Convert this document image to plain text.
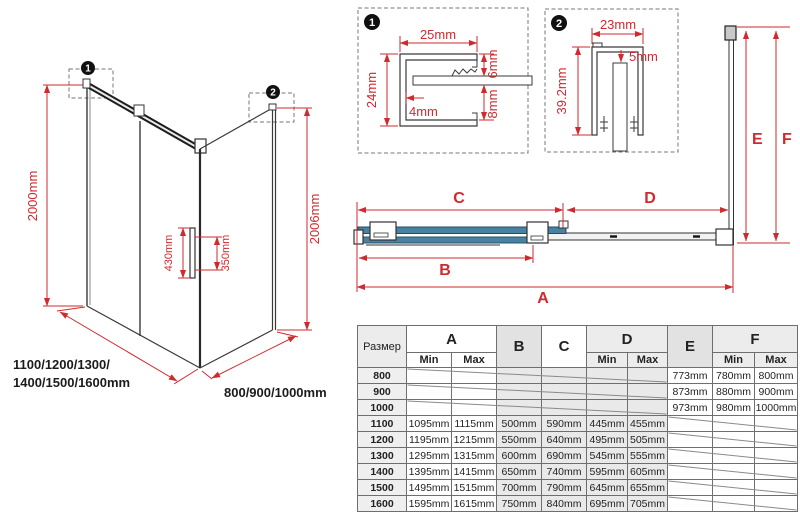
1
2
2000mm	2006mm
430mm	350mm
1100/1200/1300/
1400/1500/1600mm
800/900/1000mm
1
25mm
24mm
4mm
6mm
8mm
2	23mm
5mm
39.2mm
C	D
B
A
E F
Размер	A		B	C	D		E	F	
	Min	Max			Min	Max		Min	Max
800							773mm	780mm	800mm
900							873mm	880mm	900mm
1000							973mm	980mm	1000mm
1100	1095mm	1115mm	500mm	590mm	445mm	455mm			
1200	1195mm	1215mm	550mm	640mm	495mm	505mm			
1300	1295mm	1315mm	600mm	690mm	545mm	555mm			
1400	1395mm	1415mm	650mm	740mm	595mm	605mm			
1500	1495mm	1515mm	700mm	790mm	645mm	655mm			
1600	1595mm	1615mm	750mm	840mm	695mm	705mm			
